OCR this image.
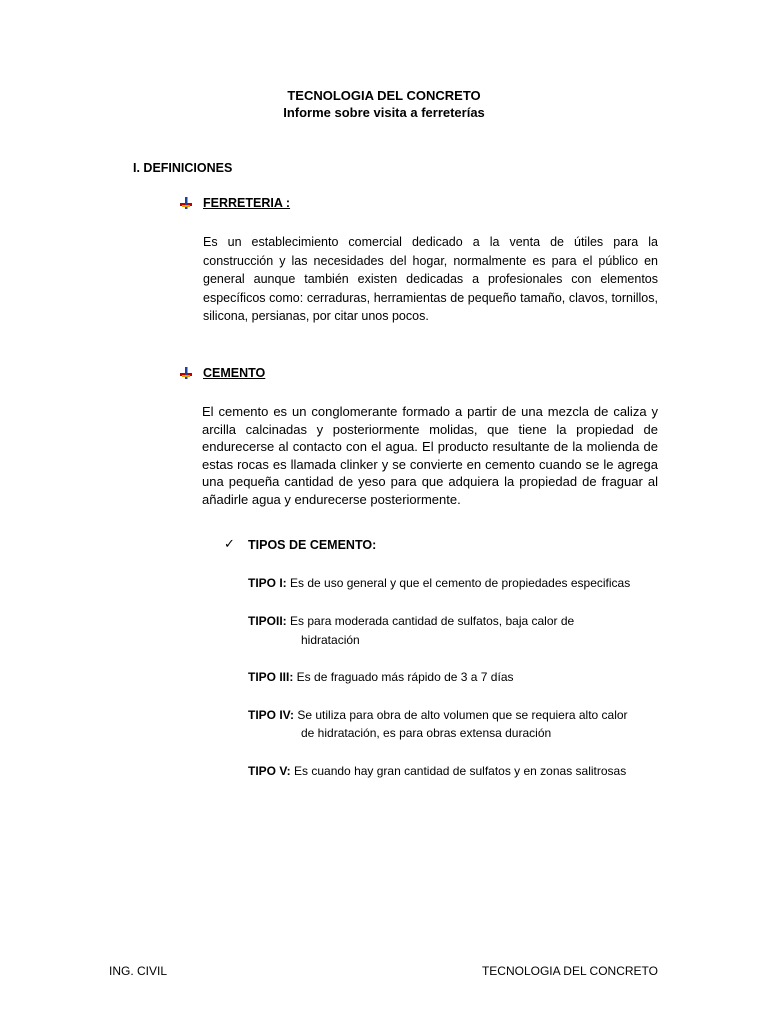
TECNOLOGIA DEL CONCRETO
Informe sobre visita a ferreterías
I. DEFINICIONES
FERRETERIA :
Es un establecimiento comercial dedicado a la venta de útiles para la construcción y las necesidades del hogar, normalmente es para el público en general aunque también existen dedicadas a profesionales con elementos específicos como: cerraduras, herramientas de pequeño tamaño, clavos, tornillos, silicona, persianas, por citar unos pocos.
CEMENTO
El cemento es un conglomerante formado a partir de una mezcla de caliza y arcilla calcinadas y posteriormente molidas, que tiene la propiedad de endurecerse al contacto con el agua. El producto resultante de la molienda de estas rocas es llamada clinker y se convierte en cemento cuando se le agrega una pequeña cantidad de yeso para que adquiera la propiedad de fraguar al añadirle agua y endurecerse posteriormente.
✓ TIPOS DE CEMENTO:
TIPO I: Es de uso general y que el cemento de propiedades especificas
TIPOII: Es para moderada cantidad de sulfatos, baja calor de
hidratación
TIPO III: Es de fraguado más rápido de 3 a 7 días
TIPO IV: Se utiliza para obra de alto volumen que se requiera alto calor
de hidratación, es para obras extensa duración
TIPO V: Es cuando hay gran cantidad de sulfatos y en zonas salitrosas
ING. CIVIL	TECNOLOGIA DEL CONCRETO
